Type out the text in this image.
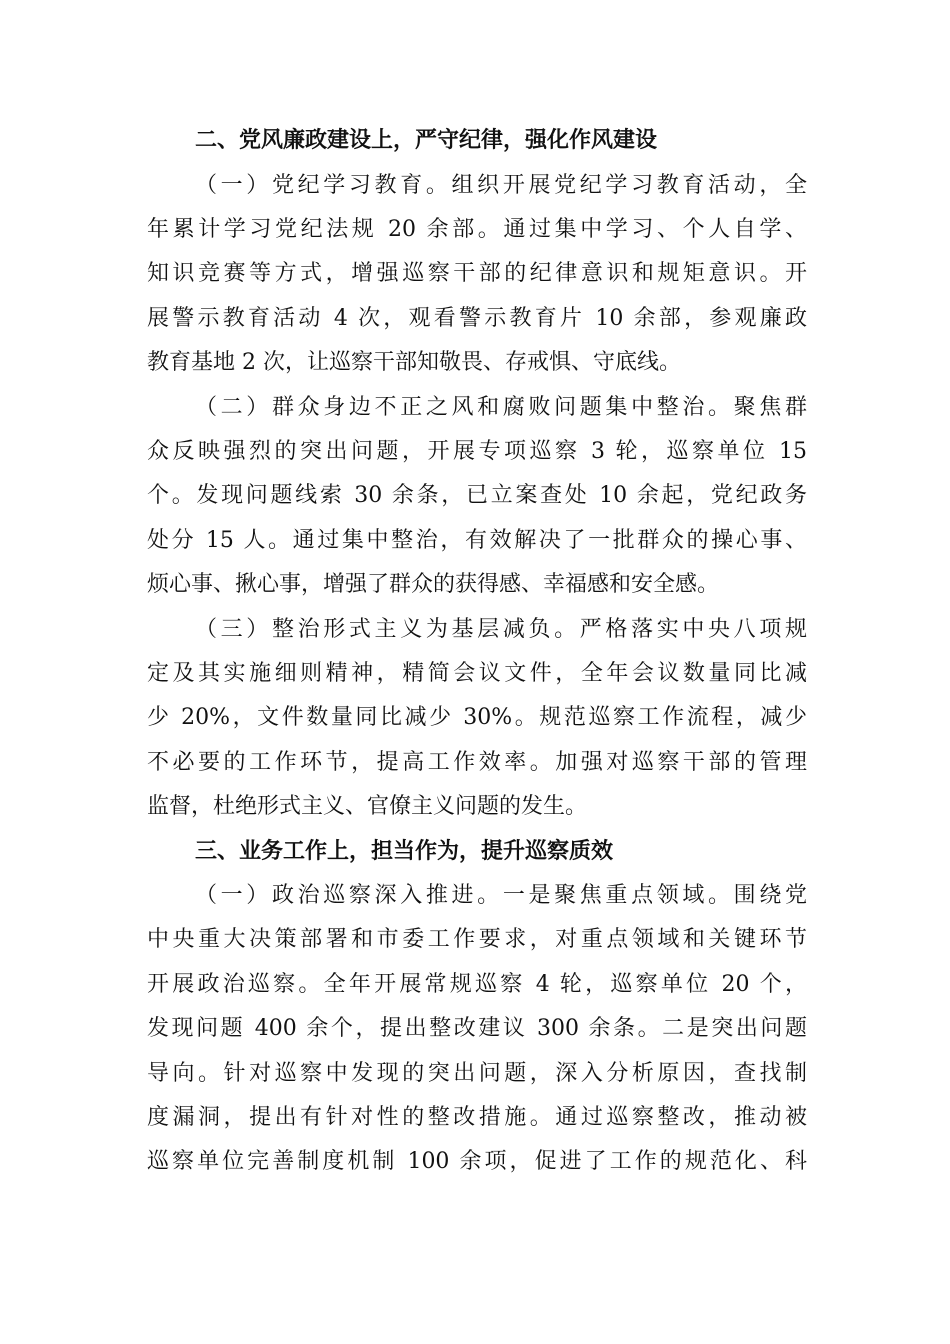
二、党风廉政建设上，严守纪律，强化作风建设
（一）党纪学习教育。组织开展党纪学习教育活动，全
年累计学习党纪法规 20 余部。通过集中学习、个人自学、
知识竞赛等方式，增强巡察干部的纪律意识和规矩意识。开
展警示教育活动 4 次，观看警示教育片 10 余部，参观廉政
教育基地 2 次，让巡察干部知敬畏、存戒惧、守底线。
（二）群众身边不正之风和腐败问题集中整治。聚焦群
众反映强烈的突出问题，开展专项巡察 3 轮，巡察单位 15
个。发现问题线索 30 余条，已立案查处 10 余起，党纪政务
处分 15 人。通过集中整治，有效解决了一批群众的操心事、
烦心事、揪心事，增强了群众的获得感、幸福感和安全感。
（三）整治形式主义为基层减负。严格落实中央八项规
定及其实施细则精神，精简会议文件，全年会议数量同比减
少 20%，文件数量同比减少 30%。规范巡察工作流程，减少
不必要的工作环节，提高工作效率。加强对巡察干部的管理
监督，杜绝形式主义、官僚主义问题的发生。
三、业务工作上，担当作为，提升巡察质效
（一）政治巡察深入推进。一是聚焦重点领域。围绕党
中央重大决策部署和市委工作要求，对重点领域和关键环节
开展政治巡察。全年开展常规巡察 4 轮，巡察单位 20 个，
发现问题 400 余个，提出整改建议 300 余条。二是突出问题
导向。针对巡察中发现的突出问题，深入分析原因，查找制
度漏洞，提出有针对性的整改措施。通过巡察整改，推动被
巡察单位完善制度机制 100 余项，促进了工作的规范化、科
